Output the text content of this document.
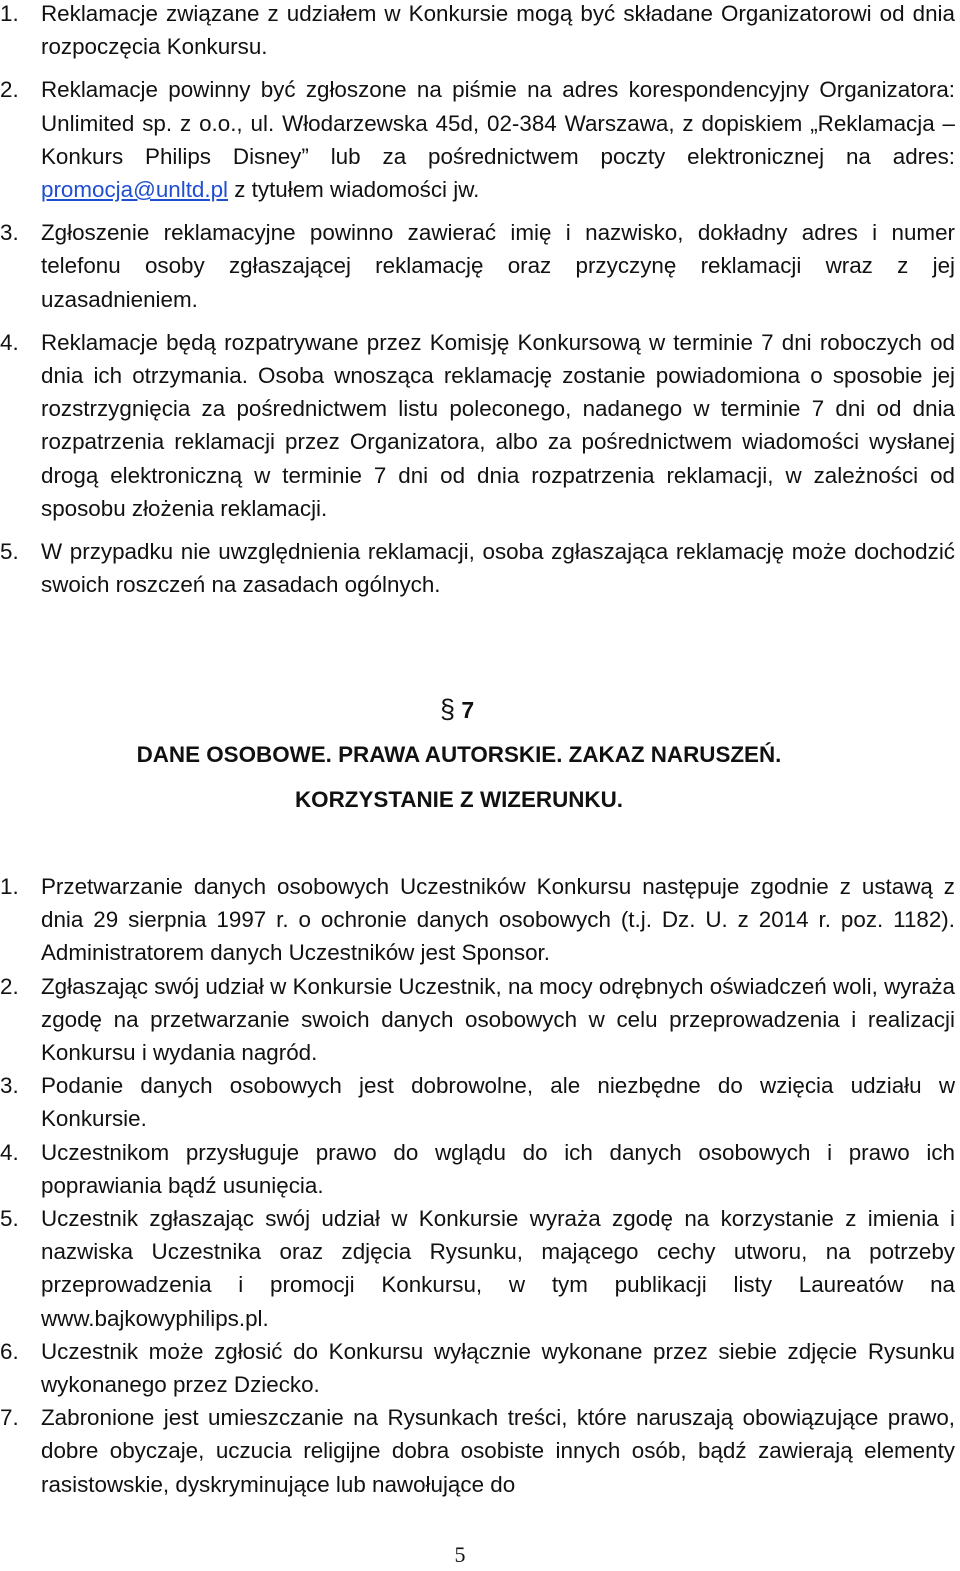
1. Reklamacje związane z udziałem w Konkursie mogą być składane Organizatorowi od dnia rozpoczęcia Konkursu.
2. Reklamacje powinny być zgłoszone na piśmie na adres korespondencyjny Organizatora: Unlimited sp. z o.o., ul. Włodarzewska 45d, 02-384 Warszawa, z dopiskiem „Reklamacja – Konkurs Philips Disney” lub za pośrednictwem poczty elektronicznej na adres: promocja@unltd.pl z tytułem wiadomości jw.
3. Zgłoszenie reklamacyjne powinno zawierać imię i nazwisko, dokładny adres i numer telefonu osoby zgłaszającej reklamację oraz przyczynę reklamacji wraz z jej uzasadnieniem.
4. Reklamacje będą rozpatrywane przez Komisję Konkursową w terminie 7 dni roboczych od dnia ich otrzymania. Osoba wnosząca reklamację zostanie powiadomiona o sposobie jej rozstrzygnięcia za pośrednictwem listu poleconego, nadanego w terminie 7 dni od dnia rozpatrzenia reklamacji przez Organizatora, albo za pośrednictwem wiadomości wysłanej drogą elektroniczną w terminie 7 dni od dnia rozpatrzenia reklamacji, w zależności od sposobu złożenia reklamacji.
5. W przypadku nie uwzględnienia reklamacji, osoba zgłaszająca reklamację może dochodzić swoich roszczeń na zasadach ogólnych.
§ 7
DANE OSOBOWE. PRAWA AUTORSKIE. ZAKAZ NARUSZEŃ.
KORZYSTANIE Z WIZERUNKU.
1. Przetwarzanie danych osobowych Uczestników Konkursu następuje zgodnie z ustawą z dnia 29 sierpnia 1997 r. o ochronie danych osobowych (t.j. Dz. U. z 2014 r. poz. 1182). Administratorem danych Uczestników jest Sponsor.
2. Zgłaszając swój udział w Konkursie Uczestnik, na mocy odrębnych oświadczeń woli, wyraża zgodę na przetwarzanie swoich danych osobowych w celu przeprowadzenia i realizacji Konkursu i wydania nagród.
3. Podanie danych osobowych jest dobrowolne, ale niezbędne do wzięcia udziału w Konkursie.
4. Uczestnikom przysługuje prawo do wglądu do ich danych osobowych i prawo ich poprawiania bądź usunięcia.
5. Uczestnik zgłaszając swój udział w Konkursie wyraża zgodę na korzystanie z imienia i nazwiska Uczestnika oraz zdjęcia Rysunku, mającego cechy utworu, na potrzeby przeprowadzenia i promocji Konkursu, w tym publikacji listy Laureatów na www.bajkowyphilips.pl.
6. Uczestnik może zgłosić do Konkursu wyłącznie wykonane przez siebie zdjęcie Rysunku wykonanego przez Dziecko.
7. Zabronione jest umieszczanie na Rysunkach treści, które naruszają obowiązujące prawo, dobre obyczaje, uczucia religijne dobra osobiste innych osób, bądź zawierają elementy rasistowskie, dyskryminujące lub nawołujące do
5
